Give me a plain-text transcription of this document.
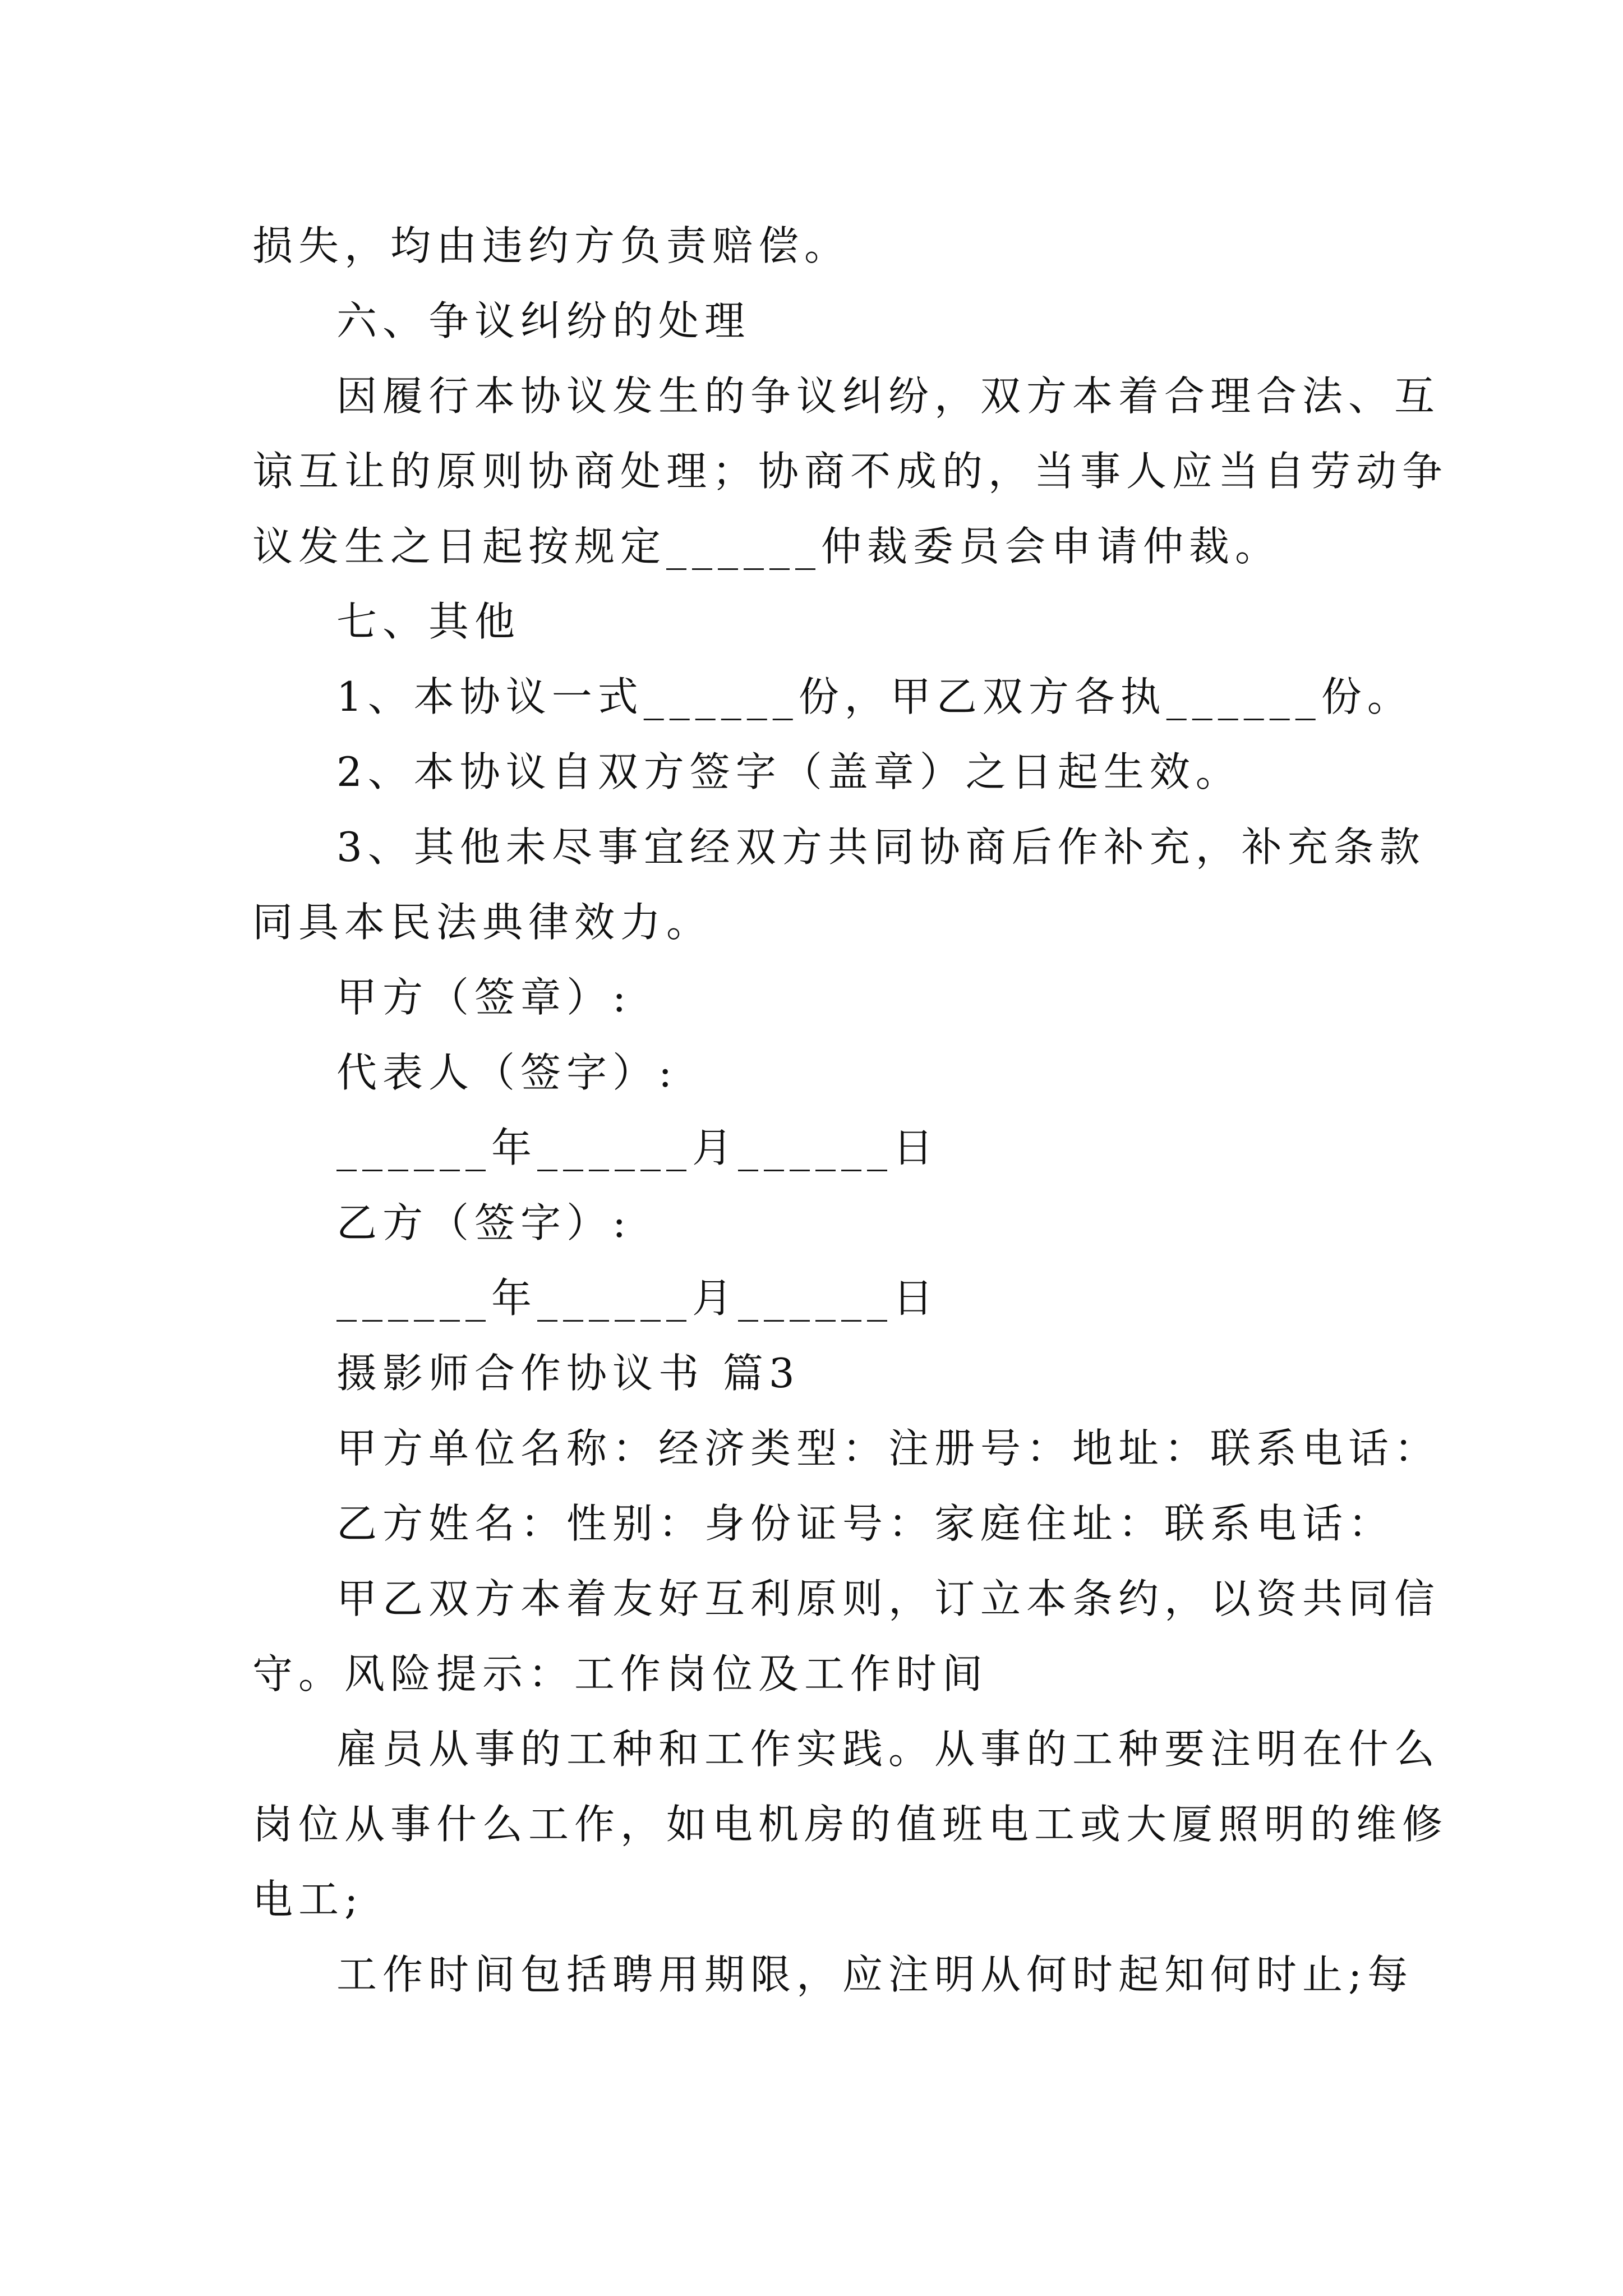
损失，均由违约方负责赔偿。
六、争议纠纷的处理
因履行本协议发生的争议纠纷，双方本着合理合法、互
谅互让的原则协商处理；协商不成的，当事人应当自劳动争
议发生之日起按规定______仲裁委员会申请仲裁。
七、其他
1、本协议一式______份，甲乙双方各执______份。
2、本协议自双方签字（盖章）之日起生效。
3、其他未尽事宜经双方共同协商后作补充，补充条款
同具本民法典律效力。
甲方（签章）:
代表人（签字）:
______年______月______日
乙方（签字）:
______年______月______日
摄影师合作协议书 篇3
甲方单位名称：经济类型：注册号：地址：联系电话：
乙方姓名：性别：身份证号：家庭住址：联系电话：
甲乙双方本着友好互利原则，订立本条约，以资共同信
守。风险提示：工作岗位及工作时间
雇员从事的工种和工作实践。从事的工种要注明在什么
岗位从事什么工作，如电机房的值班电工或大厦照明的维修
电工;
工作时间包括聘用期限，应注明从何时起知何时止;每
